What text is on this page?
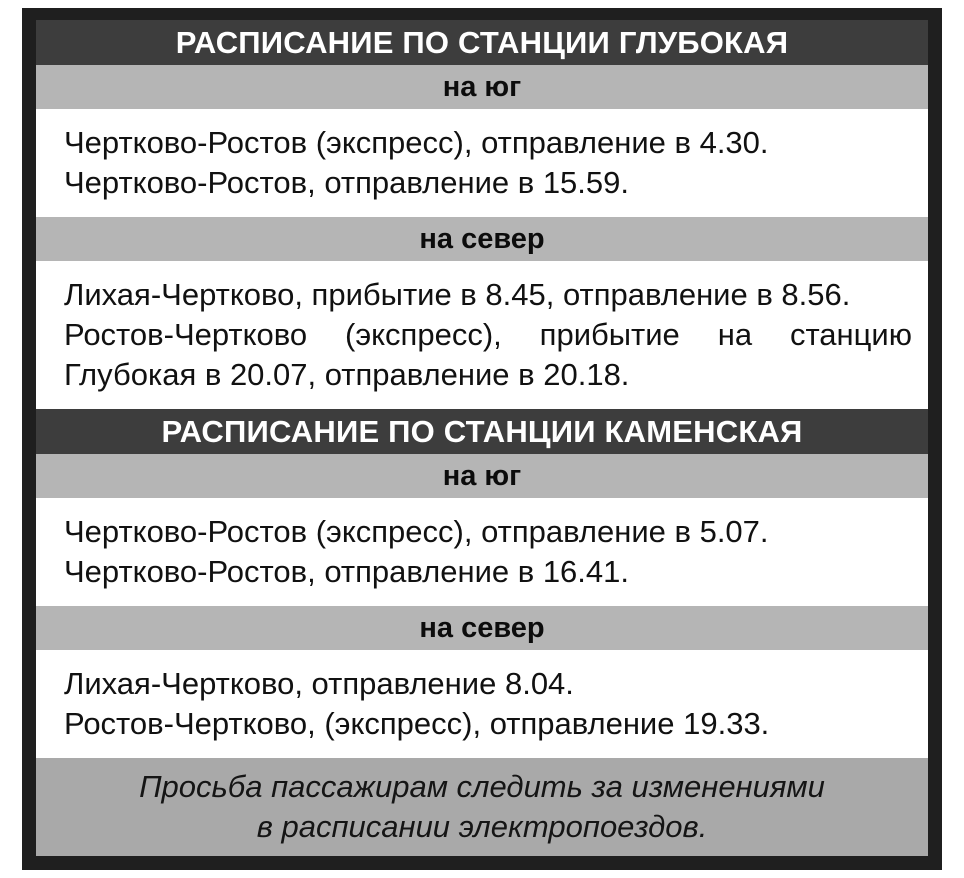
РАСПИСАНИЕ ПО СТАНЦИИ ГЛУБОКАЯ
на юг
Чертково-Ростов (экспресс), отправление в 4.30.
Чертково-Ростов, отправление в 15.59.
на север
Лихая-Чертково, прибытие в 8.45, отправление в 8.56.
Ростов-Чертково (экспресс), прибытие на станцию Глубокая в 20.07, отправление в 20.18.
РАСПИСАНИЕ ПО СТАНЦИИ КАМЕНСКАЯ
на юг
Чертково-Ростов (экспресс), отправление в 5.07.
Чертково-Ростов, отправление в 16.41.
на север
Лихая-Чертково, отправление 8.04.
Ростов-Чертково, (экспресс), отправление 19.33.
Просьба пассажирам следить за изменениями
в расписании электропоездов.
